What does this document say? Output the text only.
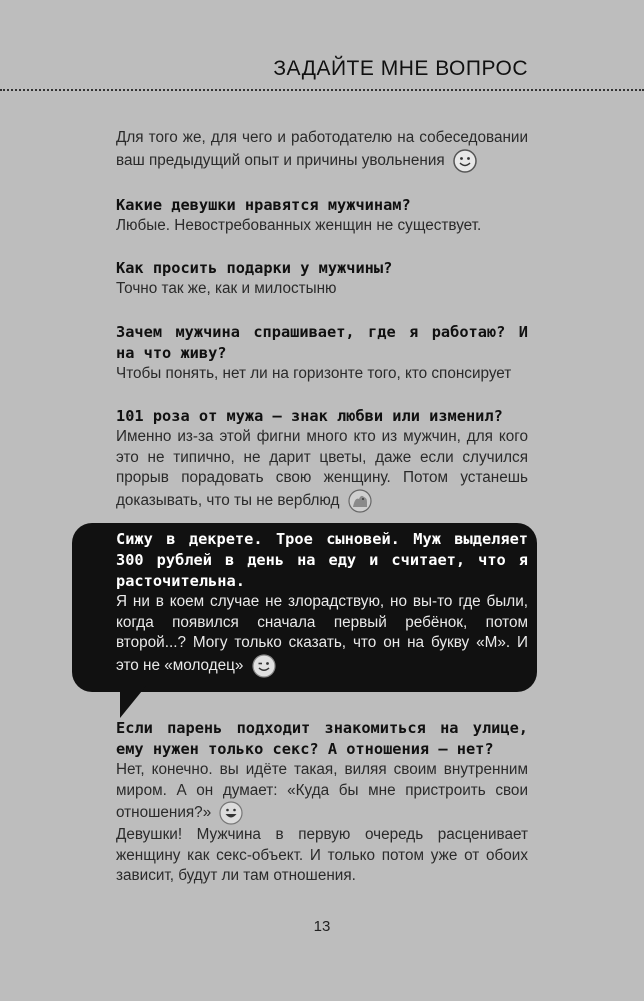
ЗАДАЙТЕ МНЕ ВОПРОС

Для того же, для чего и работодателю на собеседовании ваш предыдущий опыт и причины увольнения

Какие девушки нравятся мужчинам?

Любые. Невостребованных женщин не существует.

Как просить подарки у мужчины?

Точно так же, как и милостыню

Зачем мужчина спрашивает, где я работаю? И на что живу?

Чтобы понять, нет ли на горизонте того, кто спонсирует

101 роза от мужа – знак любви или изменил?

Именно из-за этой фигни много кто из мужчин, для кого это не типично, не дарит цветы, даже если случился прорыв порадовать свою женщину. Потом устанешь доказывать, что ты не верблюд

Сижу в декрете. Трое сыновей. Муж выделяет 300 рублей в день на еду и считает, что я расточительна.

Я ни в коем случае не злорадствую, но вы-то где были, когда появился сначала первый ребёнок, потом второй...? Могу только сказать, что он на букву «М». И это не «молодец»

Если парень подходит знакомиться на улице, ему нужен только секс? А отношения – нет?

Нет, конечно. вы идёте такая, виляя своим внутренним миром. А он думает: «Куда бы мне пристроить свои отношения?»

Девушки! Мужчина в первую очередь расценивает женщину как секс-объект. И только потом уже от обоих зависит, будут ли там отношения.

13
